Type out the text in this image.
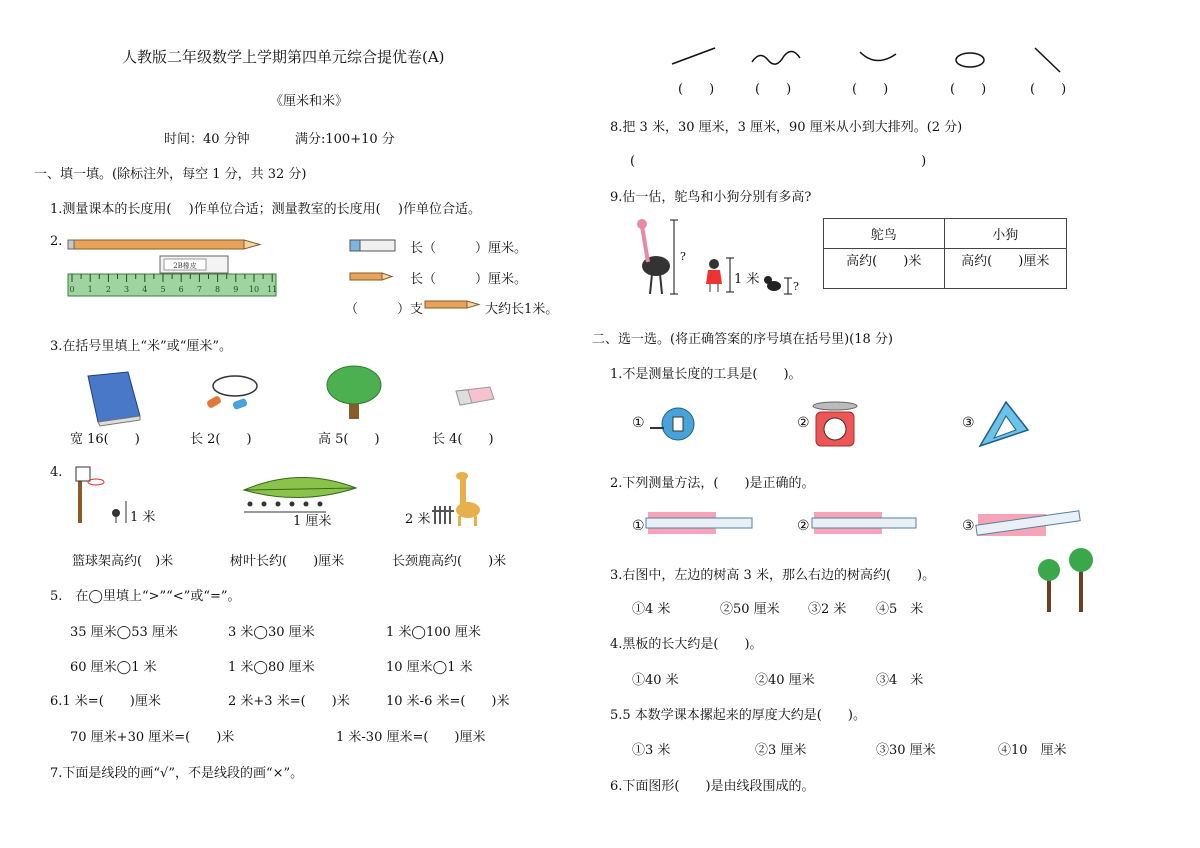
人教版二年级数学上学期第四单元综合提优卷(A)
《厘米和米》
时间：40 分钟	满分:100+10 分
一、填一填。(除标注外，每空 1 分，共 32 分)
1.测量课本的长度用(　 )作单位合适；测量教室的长度用(　 )作单位合适。
2.
2B橡皮
0 1 2 3 4 5 6 7 8 9 10 11
长（　　　）厘米。
长（　　　）厘米。
（　　　）支	大约长1米。
3.在括号里填上“米”或“厘米”。
宽 16(　　)	长 2(　　)	高 5(　　)	长 4(　　)
4.
1 米	1 厘米	2 米
篮球架高约(　)米	树叶长约(　　)厘米	长颈鹿高约(　　)米
5.　在◯里填上“>”“<”或“=”。
35 厘米◯53 厘米	3 米◯30 厘米	1 米◯100 厘米
60 厘米◯1 米	1 米◯80 厘米	10 厘米◯1 米
6.1 米=(　　)厘米	2 米+3 米=(　　)米	10 米-6 米=(　　)米
70 厘米+30 厘米=(　　)米	1 米-30 厘米=(　　)厘米
7.下面是线段的画“√”，不是线段的画“×”。
(　　)	(　　)	(　　)	(　　)	(　　)
8.把 3 米，30 厘米，3 厘米，90 厘米从小到大排列。(2 分)
(　　　　　　　　　　　　　　　　　　　　　　)
9.估一估，鸵鸟和小狗分别有多高?
?
1 米	?
鸵鸟	小狗
高约(　　)米	高约(　　)厘米
二、选一选。(将正确答案的序号填在括号里)(18 分)
1.不是测量长度的工具是(　　)。
①	②	③
2.下列测量方法，(　　)是正确的。
①	②	③
3.右图中，左边的树高 3 米，那么右边的树高约(　　)。
①4 米	②50 厘米 ③2 米 ④5　米
4.黑板的长大约是(　　)。
①40 米	②40 厘米	③4　米
5.5 本数学课本摞起来的厚度大约是(　　)。
①3 米	②3 厘米	③30 厘米	④10　厘米
6.下面图形(　　)是由线段围成的。
